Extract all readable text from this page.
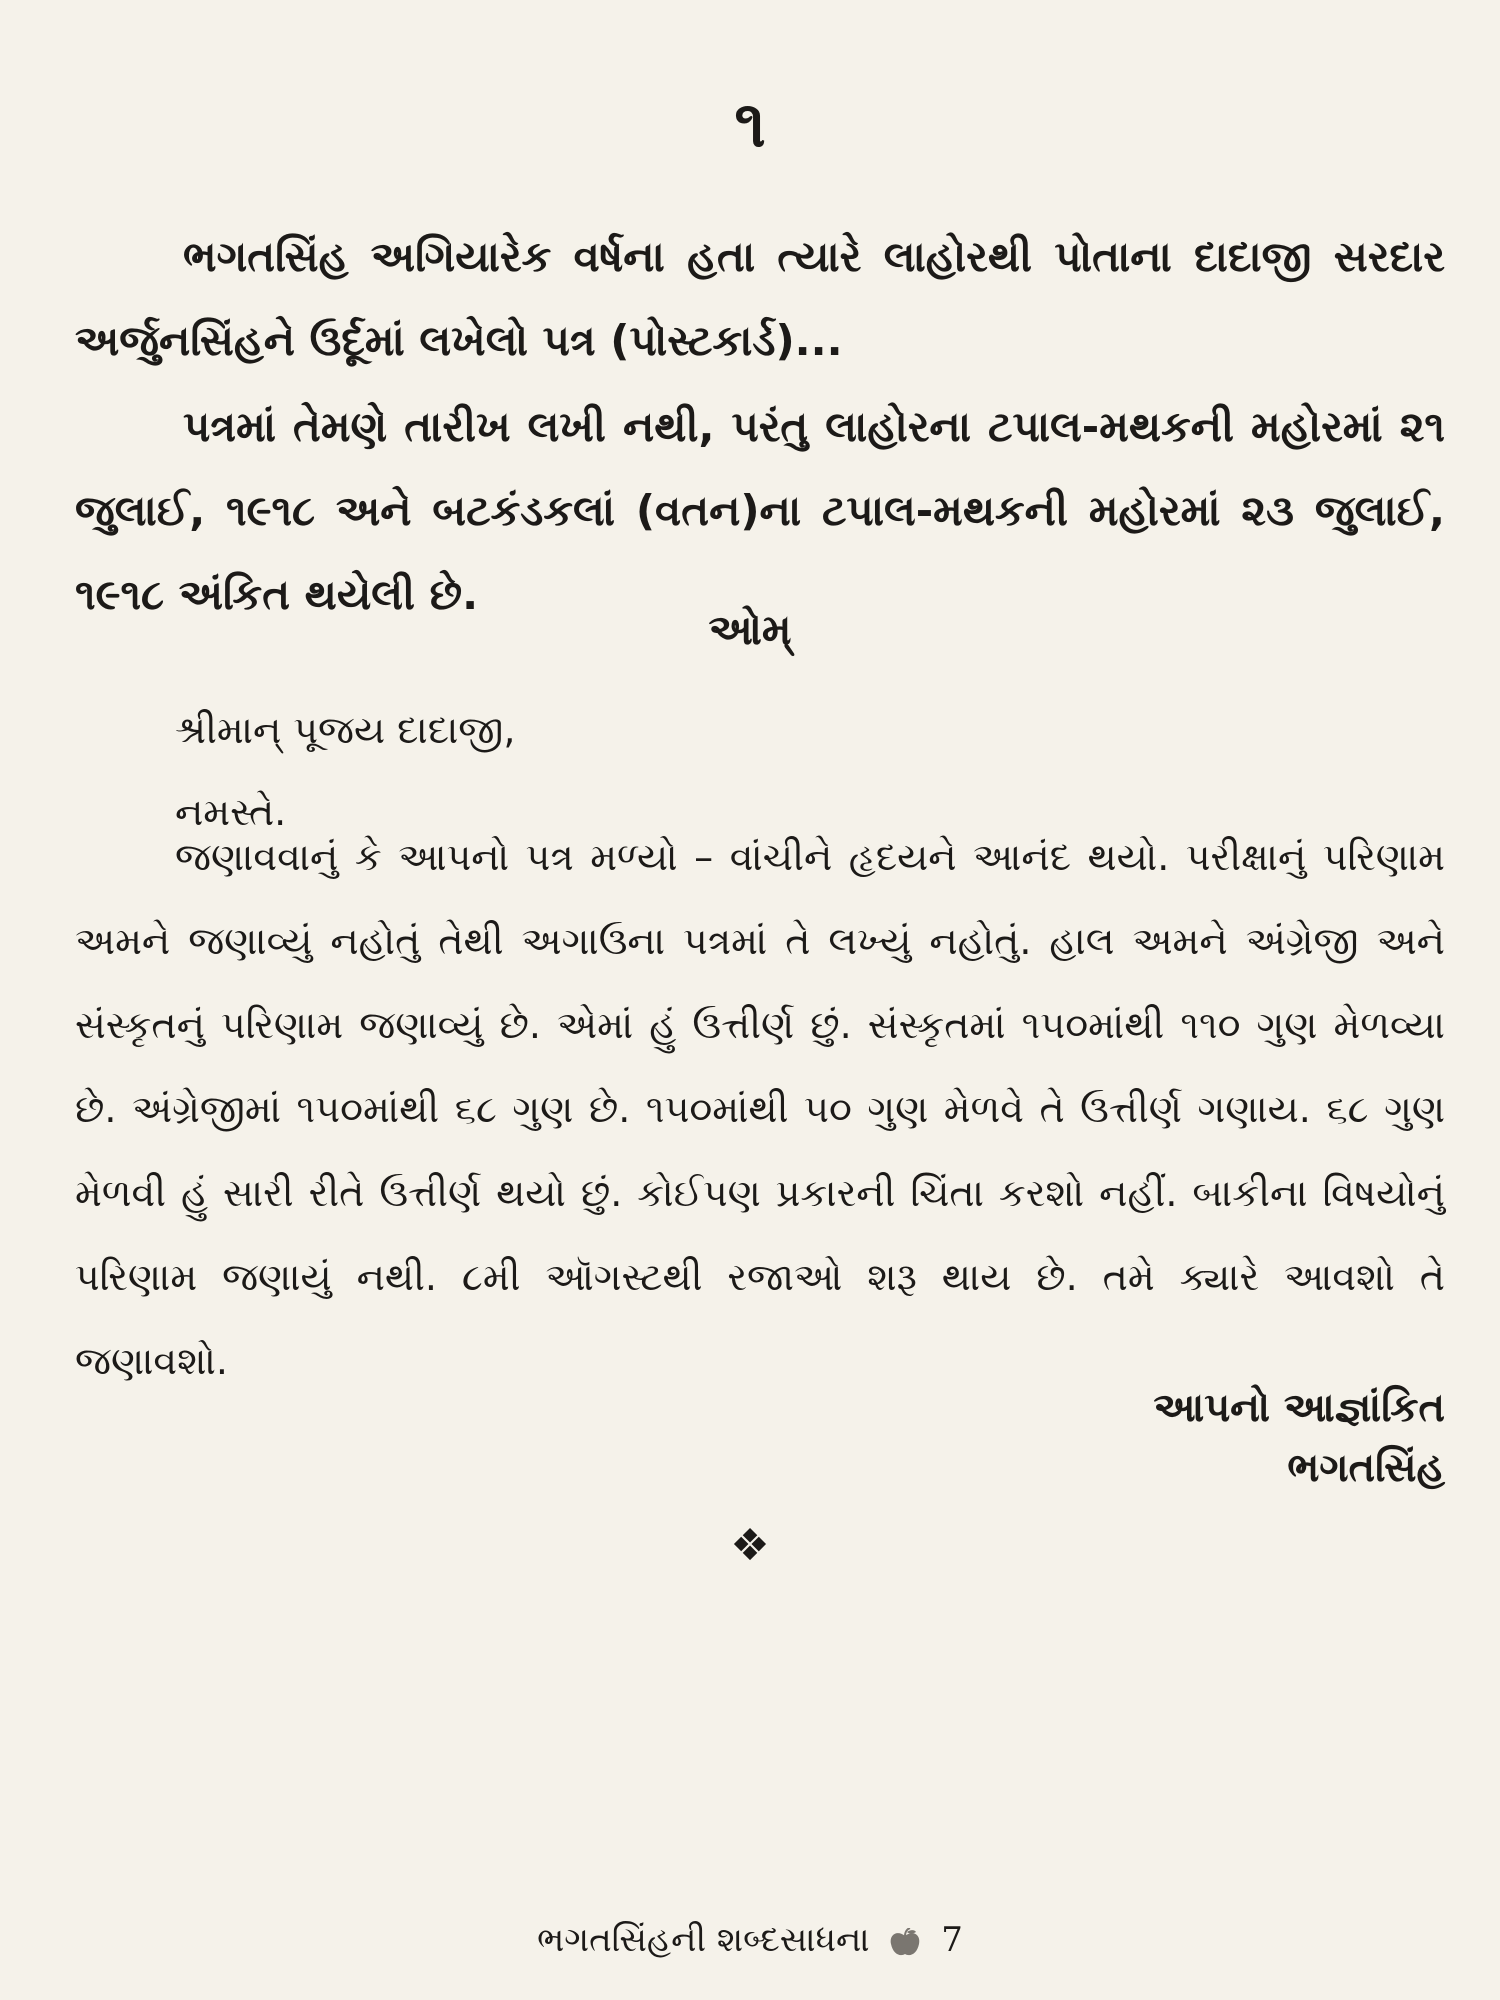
૧

ભગતસિંહ અગિયારેક વર્ષના હતા ત્યારે લાહોરથી પોતાના દાદાજી સરદાર અર્જુનસિંહને ઉર્દૂમાં લખેલો પત્ર (પોસ્ટકાર્ડ)...

પત્રમાં તેમણે તારીખ લખી નથી, પરંતુ લાહોરના ટપાલ-મથકની મહોરમાં ૨૧ જુલાઈ, ૧૯૧૮ અને બટકંડકલાં (વતન)ના ટપાલ-મથકની મહોરમાં ૨૩ જુલાઈ, ૧૯૧૮ અંકિત થયેલી છે.

ઓમ્
શ્રીમાન્ પૂજય દાદાજી,
નમસ્તે.

જણાવવાનું કે આપનો પત્ર મળ્યો – વાંચીને હૃદયને આનંદ થયો. પરીક્ષાનું પરિણામ અમને જણાવ્યું નહોતું તેથી અગાઉના પત્રમાં તે લખ્યું નહોતું. હાલ અમને અંગ્રેજી અને સંસ્કૃતનું પરિણામ જણાવ્યું છે. એમાં હું ઉત્તીર્ણ છું. સંસ્કૃતમાં ૧૫૦માંથી ૧૧૦ ગુણ મેળવ્યા છે. અંગ્રેજીમાં ૧૫૦માંથી ૬૮ ગુણ છે. ૧૫૦માંથી ૫૦ ગુણ મેળવે તે ઉત્તીર્ણ ગણાય. ૬૮ ગુણ મેળવી હું સારી રીતે ઉત્તીર્ણ થયો છું. કોઈપણ પ્રકારની ચિંતા કરશો નહીં. બાકીના વિષયોનું પરિણામ જણાયું નથી. ૮મી ઑગસ્ટથી રજાઓ શરૂ થાય છે. તમે ક્યારે આવશો તે જણાવશો.

આપનો આજ્ઞાંકિત
ભગતસિંહ
❖
ભગતસિંહની શબ્દસાધના 7
